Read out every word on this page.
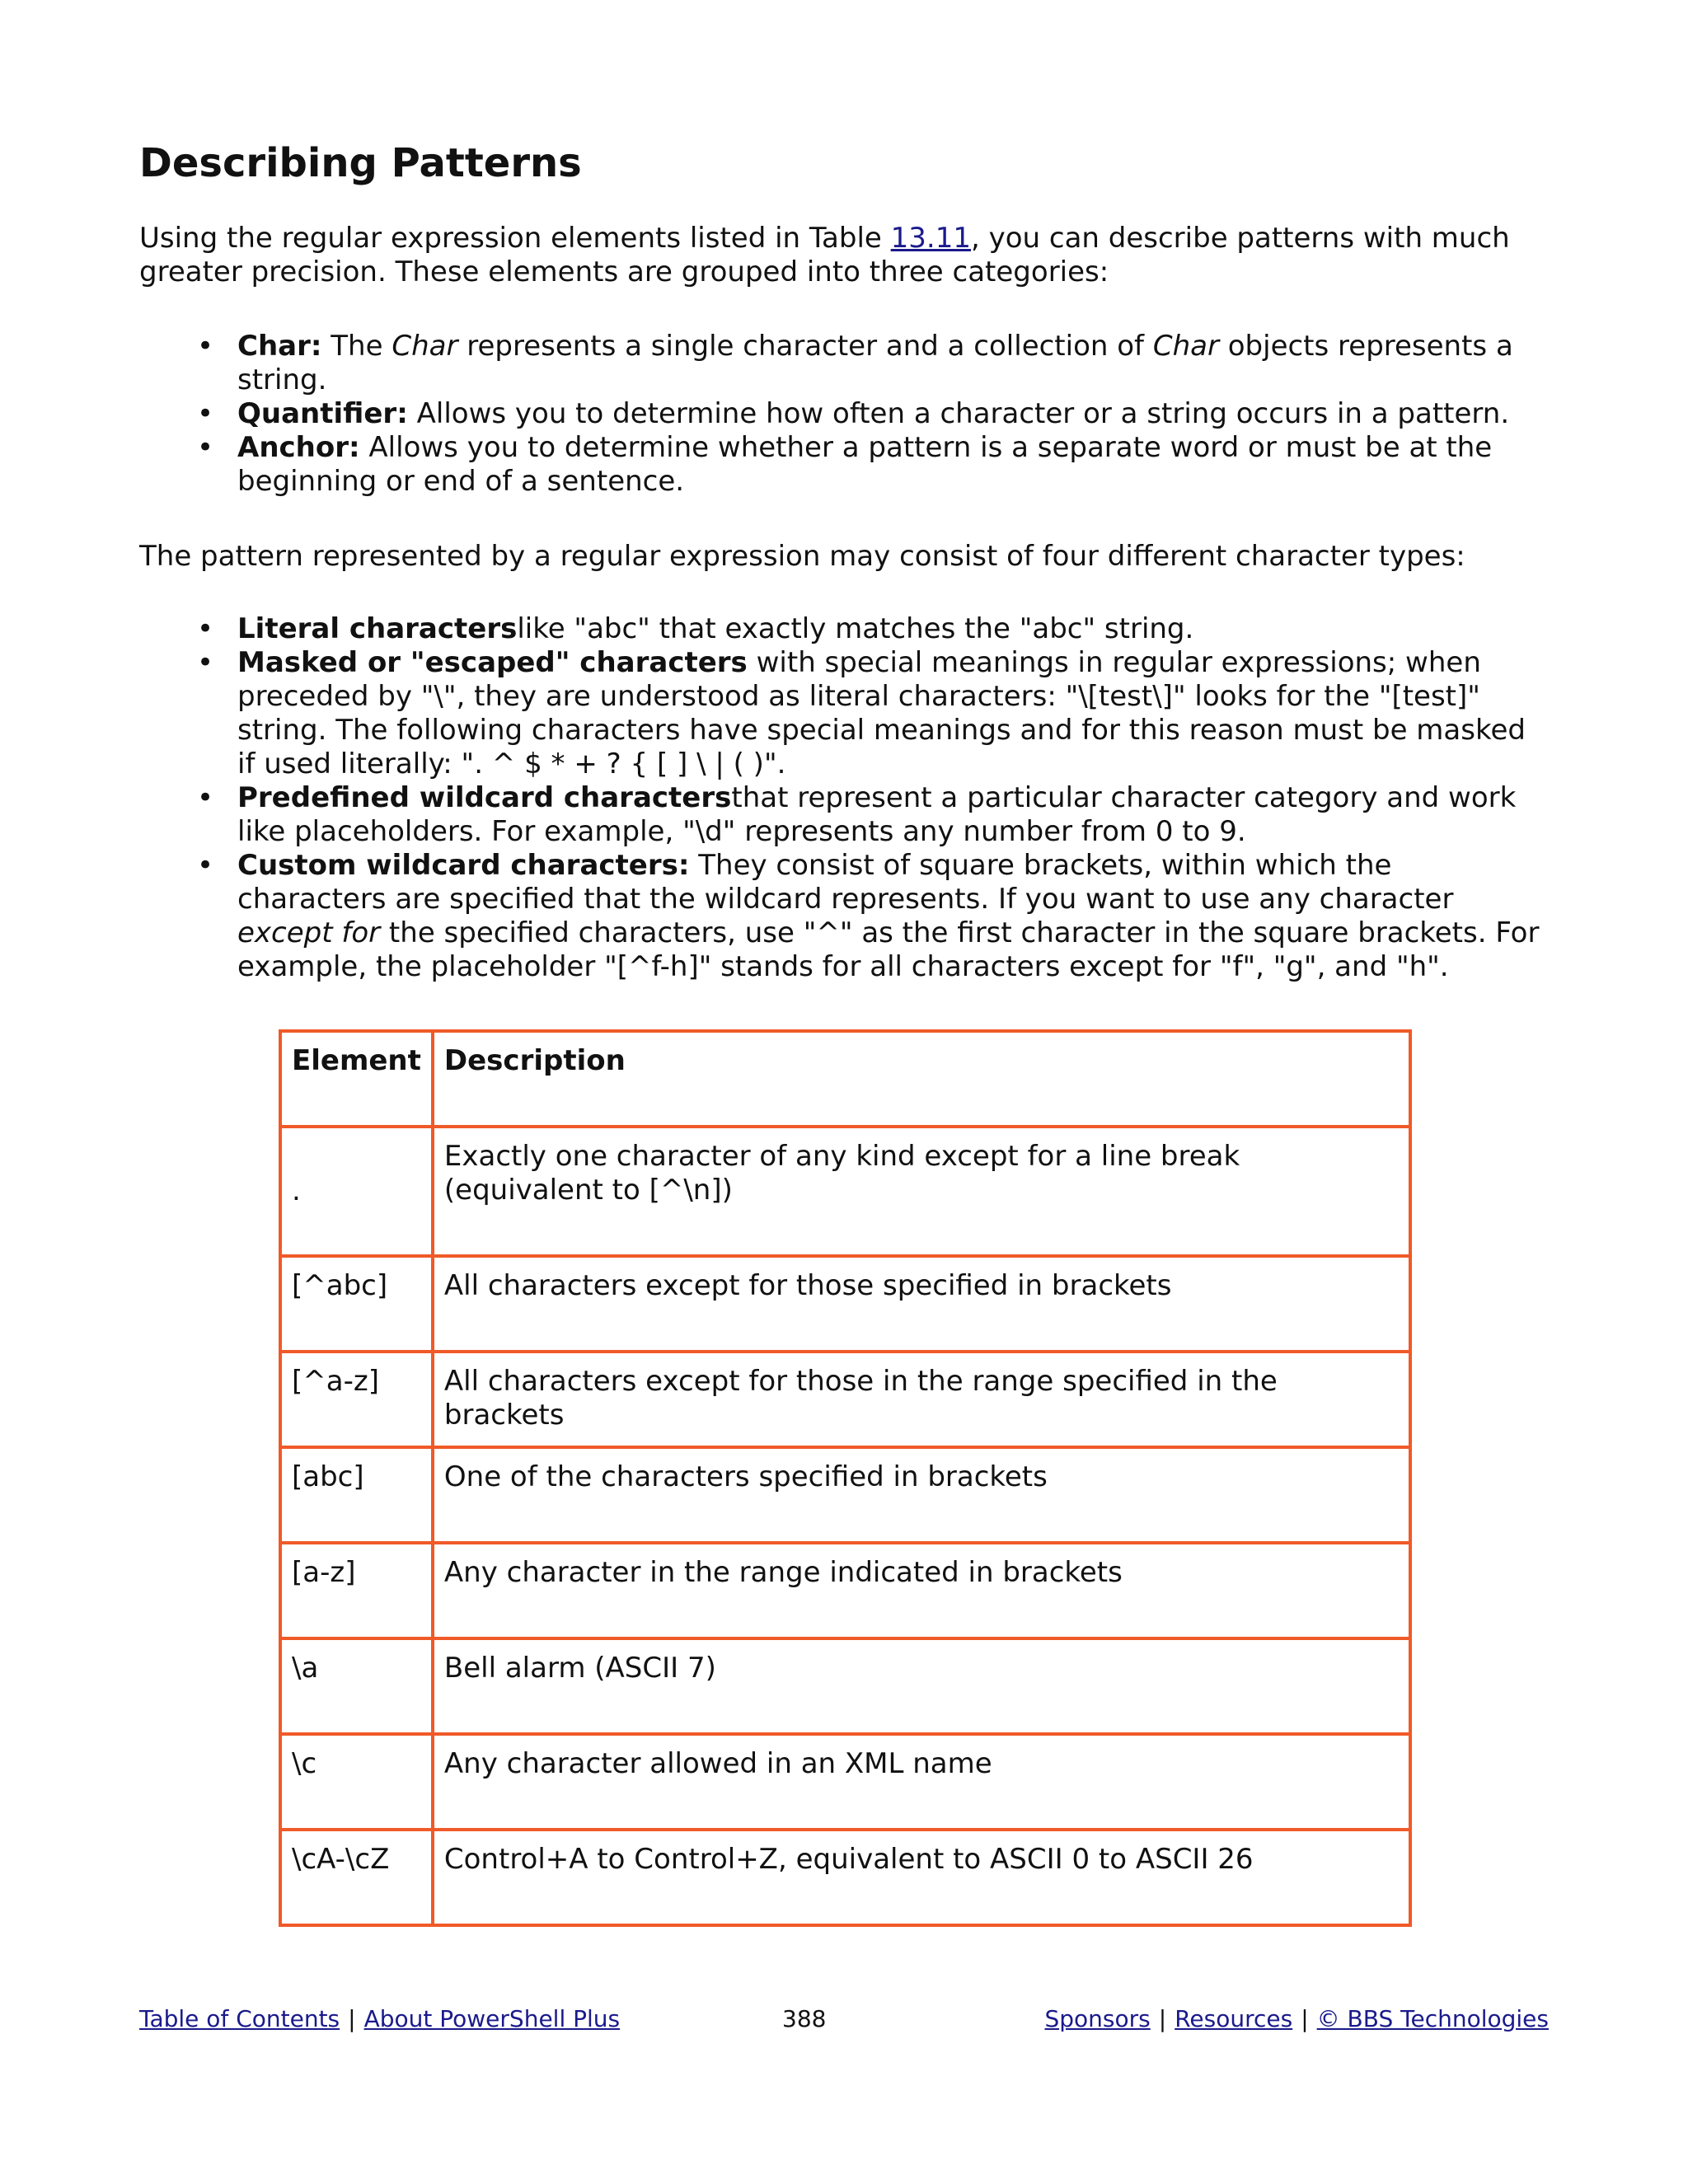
Describing Patterns

Using the regular expression elements listed in Table 13.11, you can describe patterns with much greater precision. These elements are grouped into three categories:

• Char: The Char represents a single character and a collection of Char objects represents a string.
• Quantifier: Allows you to determine how often a character or a string occurs in a pattern.
• Anchor: Allows you to determine whether a pattern is a separate word or must be at the beginning or end of a sentence.

The pattern represented by a regular expression may consist of four different character types:

• Literal characterslike "abc" that exactly matches the "abc" string.
• Masked or "escaped" characters with special meanings in regular expressions; when preceded by "\", they are understood as literal characters: "\[test\]" looks for the "[test]" string. The following characters have special meanings and for this reason must be masked if used literally: ". ^ $ * + ? { [ ] \ | ( )".
• Predefined wildcard charactersthat represent a particular character category and work like placeholders. For example, "\d" represents any number from 0 to 9.
• Custom wildcard characters: They consist of square brackets, within which the characters are specified that the wildcard represents. If you want to use any character except for the specified characters, use "^" as the first character in the square brackets. For example, the placeholder "[^f-h]" stands for all characters except for "f", "g", and "h".
Element	Description
.	Exactly one character of any kind except for a line break (equivalent to [^\n])
[^abc]	All characters except for those specified in brackets
[^a-z]	All characters except for those in the range specified in the brackets
[abc]	One of the characters specified in brackets
[a-z]	Any character in the range indicated in brackets
\a	Bell alarm (ASCII 7)
\c	Any character allowed in an XML name
\cA-\cZ	Control+A to Control+Z, equivalent to ASCII 0 to ASCII 26
Table of Contents | About PowerShell Plus	388	Sponsors | Resources | © BBS Technologies
